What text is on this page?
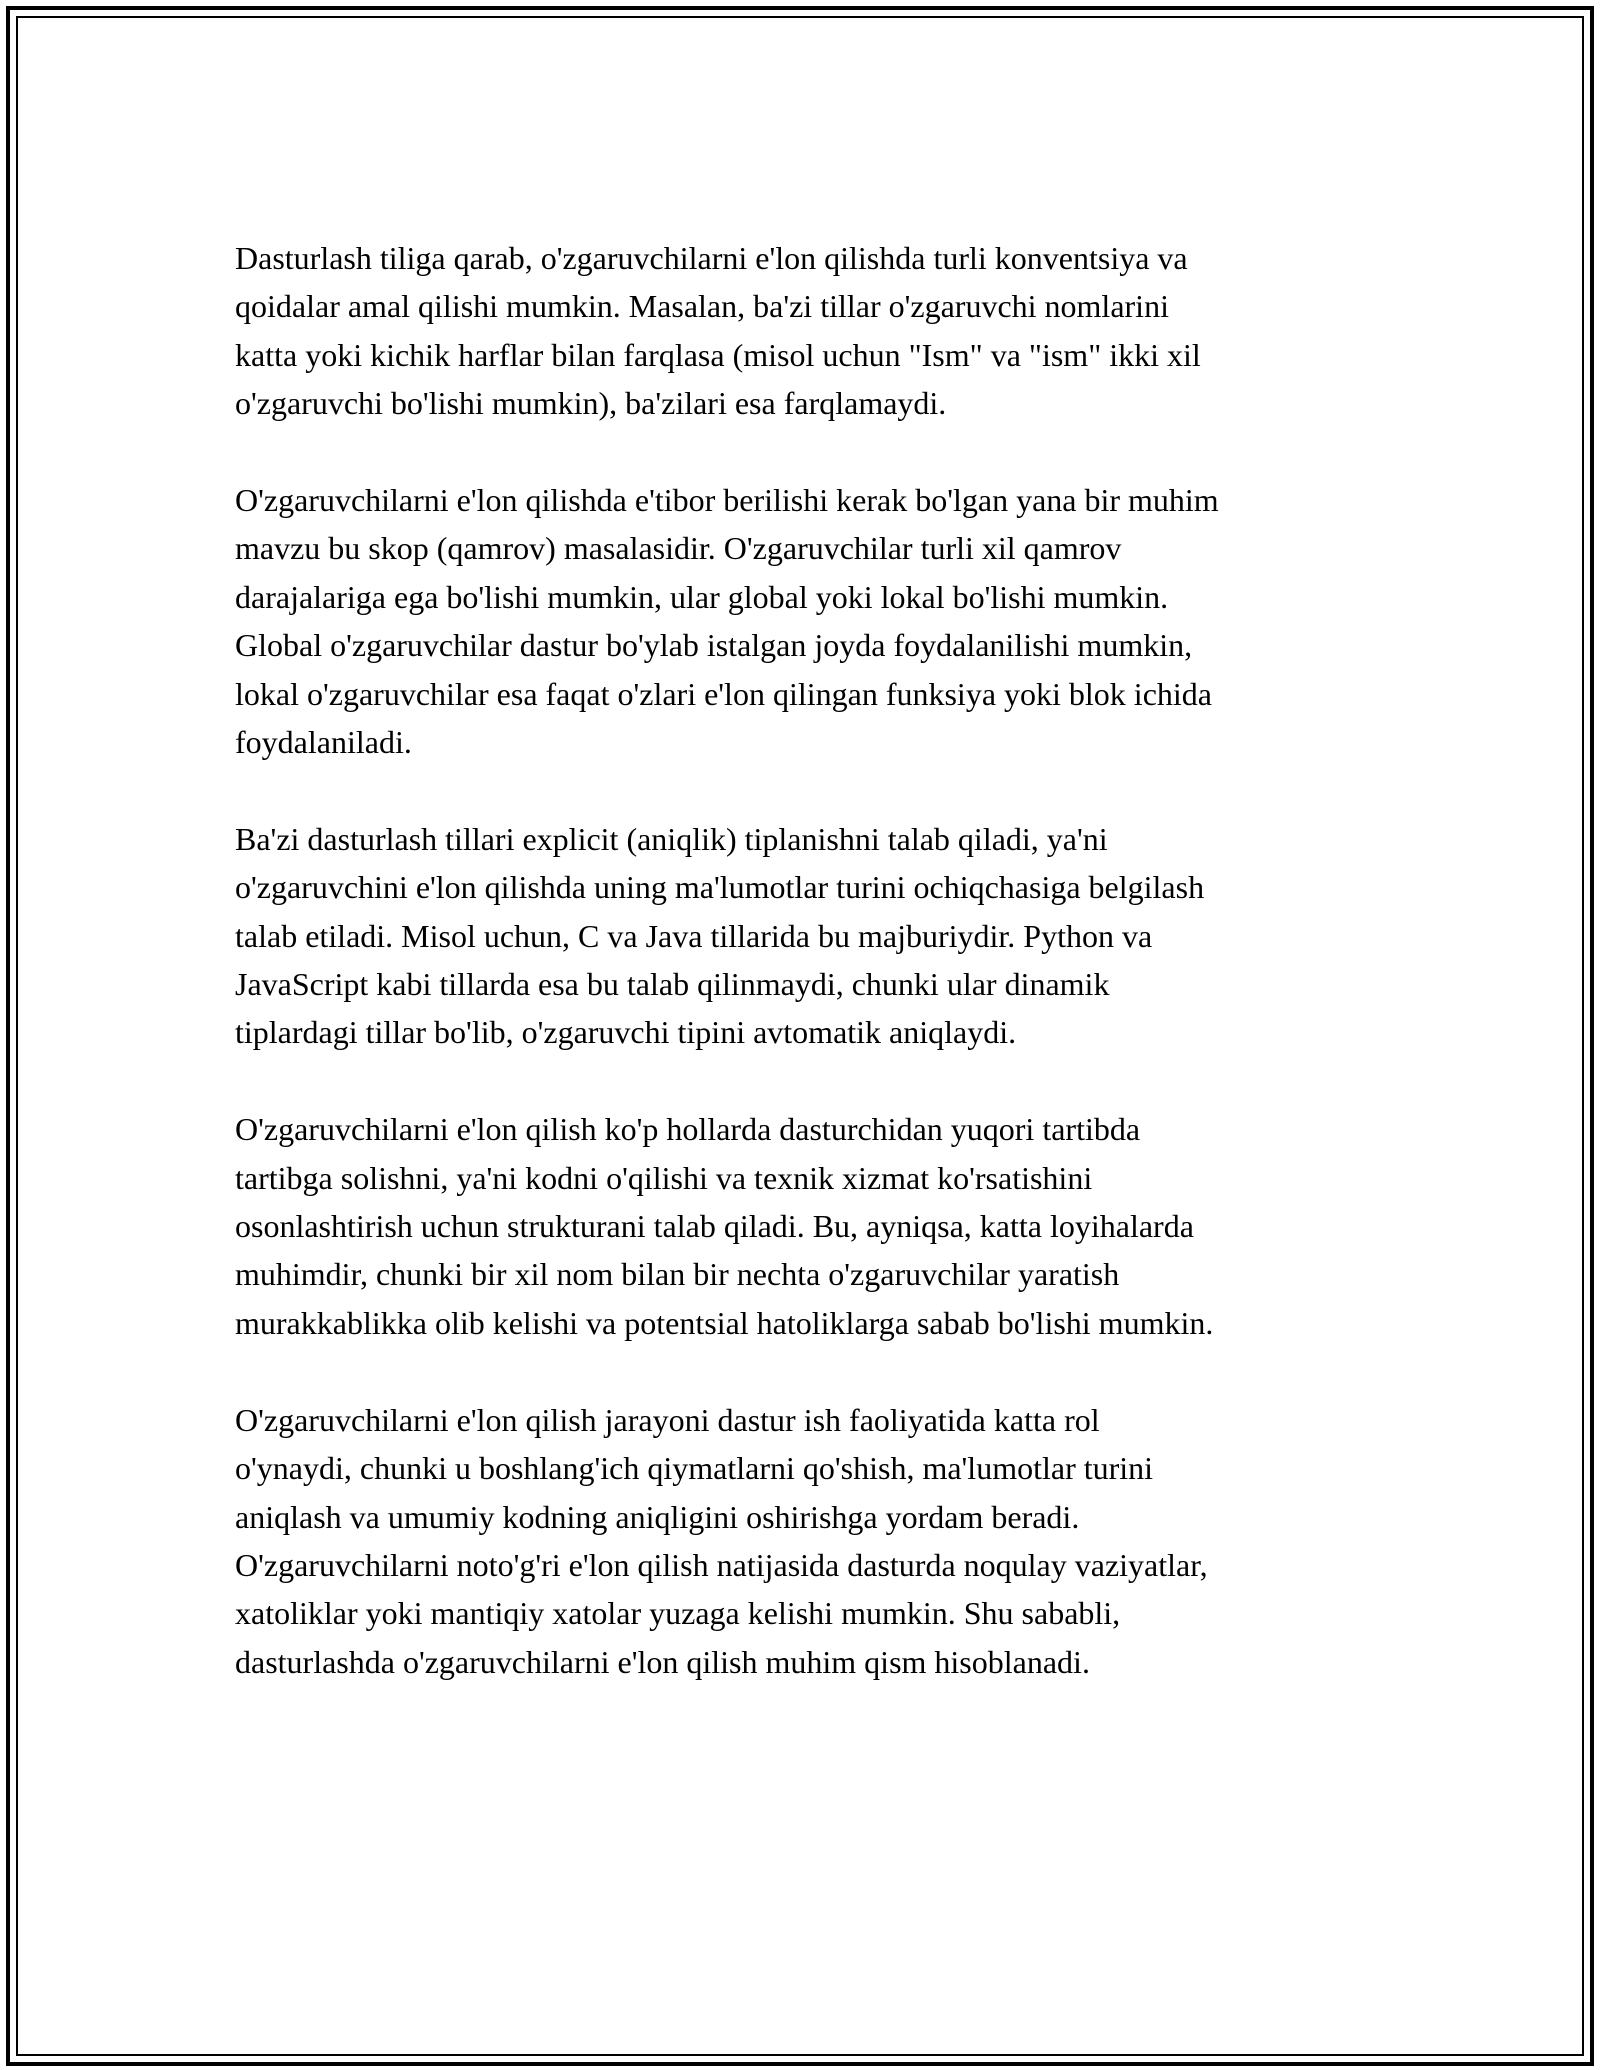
Dasturlash tiliga qarab, o'zgaruvchilarni e'lon qilishda turli konventsiya va
qoidalar amal qilishi mumkin. Masalan, ba'zi tillar o'zgaruvchi nomlarini
katta yoki kichik harflar bilan farqlasa (misol uchun "Ism" va "ism" ikki xil
o'zgaruvchi bo'lishi mumkin), ba'zilari esa farqlamaydi.

O'zgaruvchilarni e'lon qilishda e'tibor berilishi kerak bo'lgan yana bir muhim
mavzu bu skop (qamrov) masalasidir. O'zgaruvchilar turli xil qamrov
darajalariga ega bo'lishi mumkin, ular global yoki lokal bo'lishi mumkin.
Global o'zgaruvchilar dastur bo'ylab istalgan joyda foydalanilishi mumkin,
lokal o'zgaruvchilar esa faqat o'zlari e'lon qilingan funksiya yoki blok ichida
foydalaniladi.

Ba'zi dasturlash tillari explicit (aniqlik) tiplanishni talab qiladi, ya'ni
o'zgaruvchini e'lon qilishda uning ma'lumotlar turini ochiqchasiga belgilash
talab etiladi. Misol uchun, C va Java tillarida bu majburiydir. Python va
JavaScript kabi tillarda esa bu talab qilinmaydi, chunki ular dinamik
tiplardagi tillar bo'lib, o'zgaruvchi tipini avtomatik aniqlaydi.

O'zgaruvchilarni e'lon qilish ko'p hollarda dasturchidan yuqori tartibda
tartibga solishni, ya'ni kodni o'qilishi va texnik xizmat ko'rsatishini
osonlashtirish uchun strukturani talab qiladi. Bu, ayniqsa, katta loyihalarda
muhimdir, chunki bir xil nom bilan bir nechta o'zgaruvchilar yaratish
murakkablikka olib kelishi va potentsial hatoliklarga sabab bo'lishi mumkin.

O'zgaruvchilarni e'lon qilish jarayoni dastur ish faoliyatida katta rol
o'ynaydi, chunki u boshlang'ich qiymatlarni qo'shish, ma'lumotlar turini
aniqlash va umumiy kodning aniqligini oshirishga yordam beradi.
O'zgaruvchilarni noto'g'ri e'lon qilish natijasida dasturda noqulay vaziyatlar,
xatoliklar yoki mantiqiy xatolar yuzaga kelishi mumkin. Shu sababli,
dasturlashda o'zgaruvchilarni e'lon qilish muhim qism hisoblanadi.
